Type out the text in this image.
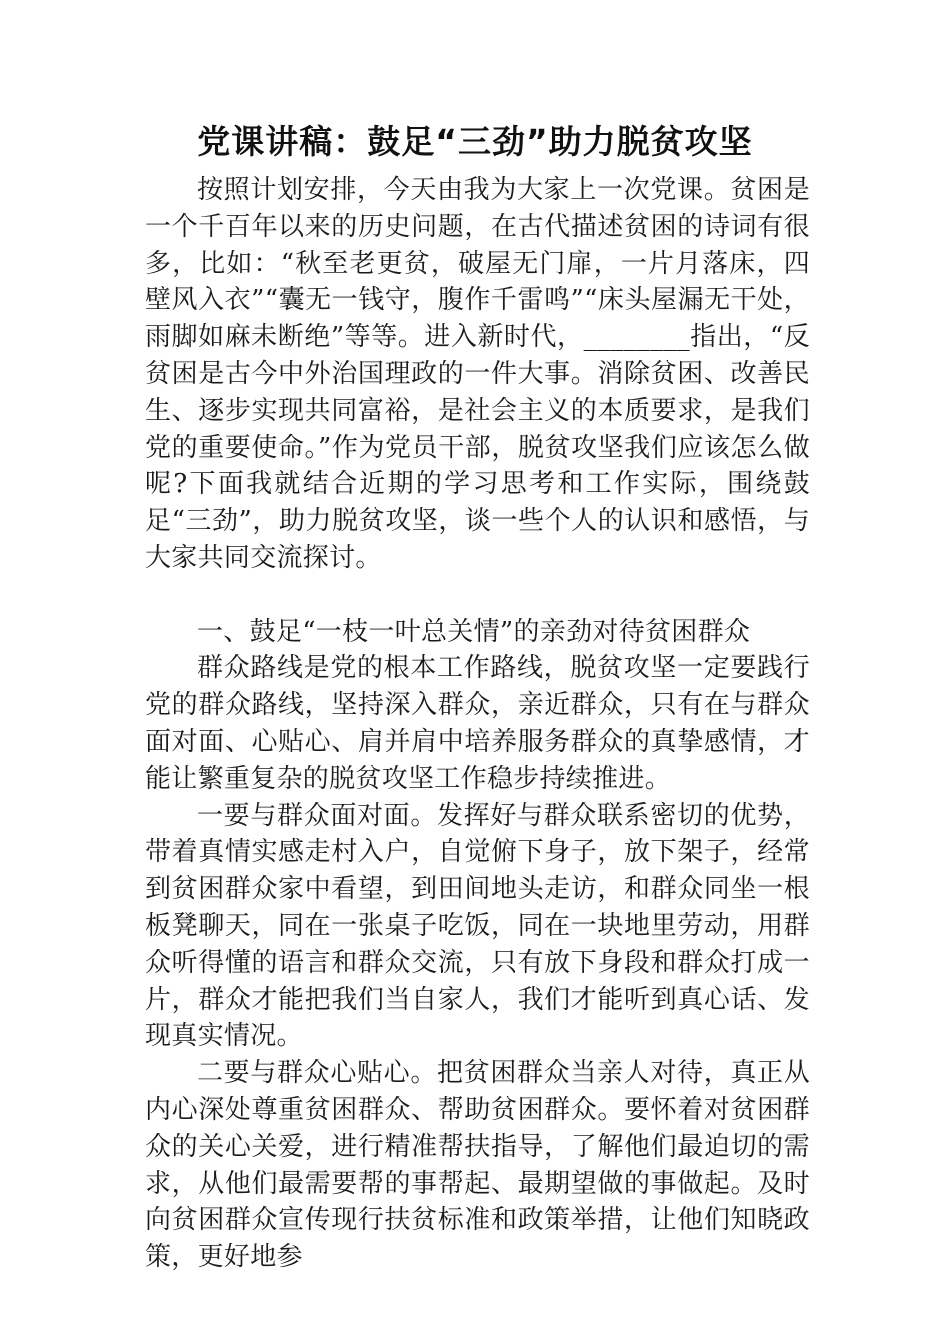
党课讲稿：鼓足“三劲”助力脱贫攻坚

按照计划安排，今天由我为大家上一次党课。贫困是一个千百年以来的历史问题，在古代描述贫困的诗词有很多，比如：“秋至老更贫，破屋无门扉，一片月落床，四壁风入衣”“囊无一钱守，腹作千雷鸣”“床头屋漏无干处，雨脚如麻未断绝”等等。进入新时代，________指出，“反贫困是古今中外治国理政的一件大事。消除贫困、改善民生、逐步实现共同富裕，是社会主义的本质要求，是我们党的重要使命。”作为党员干部，脱贫攻坚我们应该怎么做呢?下面我就结合近期的学习思考和工作实际，围绕鼓足“三劲”，助力脱贫攻坚，谈一些个人的认识和感悟，与大家共同交流探讨。

一、鼓足“一枝一叶总关情”的亲劲对待贫困群众

群众路线是党的根本工作路线，脱贫攻坚一定要践行党的群众路线，坚持深入群众，亲近群众，只有在与群众面对面、心贴心、肩并肩中培养服务群众的真挚感情，才能让繁重复杂的脱贫攻坚工作稳步持续推进。

一要与群众面对面。发挥好与群众联系密切的优势，带着真情实感走村入户，自觉俯下身子，放下架子，经常到贫困群众家中看望，到田间地头走访，和群众同坐一根板凳聊天，同在一张桌子吃饭，同在一块地里劳动，用群众听得懂的语言和群众交流，只有放下身段和群众打成一片，群众才能把我们当自家人，我们才能听到真心话、发现真实情况。

二要与群众心贴心。把贫困群众当亲人对待，真正从内心深处尊重贫困群众、帮助贫困群众。要怀着对贫困群众的关心关爱，进行精准帮扶指导，了解他们最迫切的需求，从他们最需要帮的事帮起、最期望做的事做起。及时向贫困群众宣传现行扶贫标准和政策举措，让他们知晓政策，更好地参
